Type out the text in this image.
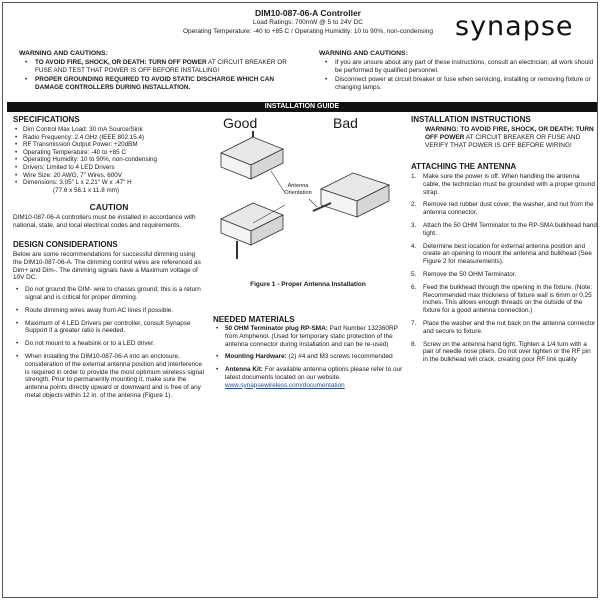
DIM10-087-06-A Controller
Load Ratings: 700mW @ 5 to 24V DC
Operating Temperature: -40 to +85 C / Operating Humidity: 10 to 90%, non-condensing synapse
WARNING AND CAUTIONS:
• TO AVOID FIRE, SHOCK, OR DEATH: TURN OFF POWER AT CIRCUIT BREAKER OR FUSE AND TEST THAT POWER IS OFF BEFORE INSTALLING!
• PROPER GROUNDING REQUIRED TO AVOID STATIC DISCHARGE WHICH CAN DAMAGE CONTROLLERS DURING INSTALLATION.
WARNING AND CAUTIONS:
• If you are unsure about any part of these instructions, consult an electrician; all work should be performed by qualified personnel.
• Disconnect power at circuit breaker or fuse when servicing, installing or removing fixture or changing lamps.
INSTALLATION GUIDE
SPECIFICATIONS
• Dim Control Max Load: 30 mA Source/Sink
• Radio Frequency: 2.4 GHz (IEEE 802.15.4)
• RF Transmission Output Power: +20dBM
• Operating Temperature: -40 to +85 C
• Operating Humidity: 10 to 90%, non-condensing
• Drivers: Limited to 4 LED Drivers
• Wire Size: 20 AWG, 7" Wires, 600V
• Dimensions: 3.05" L x 2.21" W x .47" H
(77.6 x 56.1 x 11.8 mm)
CAUTION
DIM10-087-06-A controllers must be installed in accordance with national, state, and local electrical codes and requirements.
DESIGN CONSIDERATIONS
Below are some recommendations for successful dimming using the DIM10-087-06-A. The dimming control wires are referenced as Dim+ and Dim-. The dimming signals have a Maximum voltage of 10V DC.
• Do not ground the DIM- wire to chassis ground; this is a return signal and is critical for proper dimming.
• Route dimming wires away from AC lines if possible.
• Maximum of 4 LED Drivers per controller, consult Synapse Support if a greater ratio is needed.
• Do not mount to a heatsink or to a LED driver.
• When installing the DIM10-087-06-A into an enclosure, consideration of the external antenna position and interference is required in order to provide the most optimum wireless signal strength. Prior to permanently mounting it, make sure the antenna points directly upward or downward and is free of any metal objects within 12 in. of the antenna (Figure 1).
Good	Bad
Antenna
Orientation
Figure 1 - Proper Antenna Installation
NEEDED MATERIALS
• 50 OHM Terminator plug RP-SMA: Part Number 132360RP from Amphenol. (Used for temporary static protection of the antenna connector during installation and can be re-used)
• Mounting Hardware: (2) #4 and M3 screws recommended
• Antenna Kit: For available antenna options please refer to our latest documents located on our website.
www.synapsewireless.com/documentation
INSTALLATION INSTRUCTIONS
WARNING: TO AVOID FIRE, SHOCK, OR DEATH: TURN OFF POWER AT CIRCUIT BREAKER OR FUSE AND VERIFY THAT POWER IS OFF BEFORE WIRING!
ATTACHING THE ANTENNA
1.	Make sure the power is off. When handling the antenna cable, the technician must be grounded with a proper ground strap.
2.	Remove red rubber dust cover, the washer, and nut from the antenna connector.
3.	Attach the 50 OHM Terminator to the RP-SMA bulkhead hand tight.
4.	Determine best location for external antenna position and create an opening to mount the antenna and bulkhead (See Figure 2 for measurements).
5.	Remove the 50 OHM Terminator.
6.	Feed the bulkhead through the opening in the fixture. (Note: Recommended max thickness of fixture wall is 6mm or 0.25 inches. This allows enough threads on the outside of the fixture for a good antenna connection.)
7.	Place the washer and the nut back on the antenna connector and secure to fixture.
8.	Screw on the antenna hand tight. Tighten a 1/4 turn with a pair of needle nose pliers. Do not over tighten or the RF pin in the bulkhead will crack, creating poor RF link quality
